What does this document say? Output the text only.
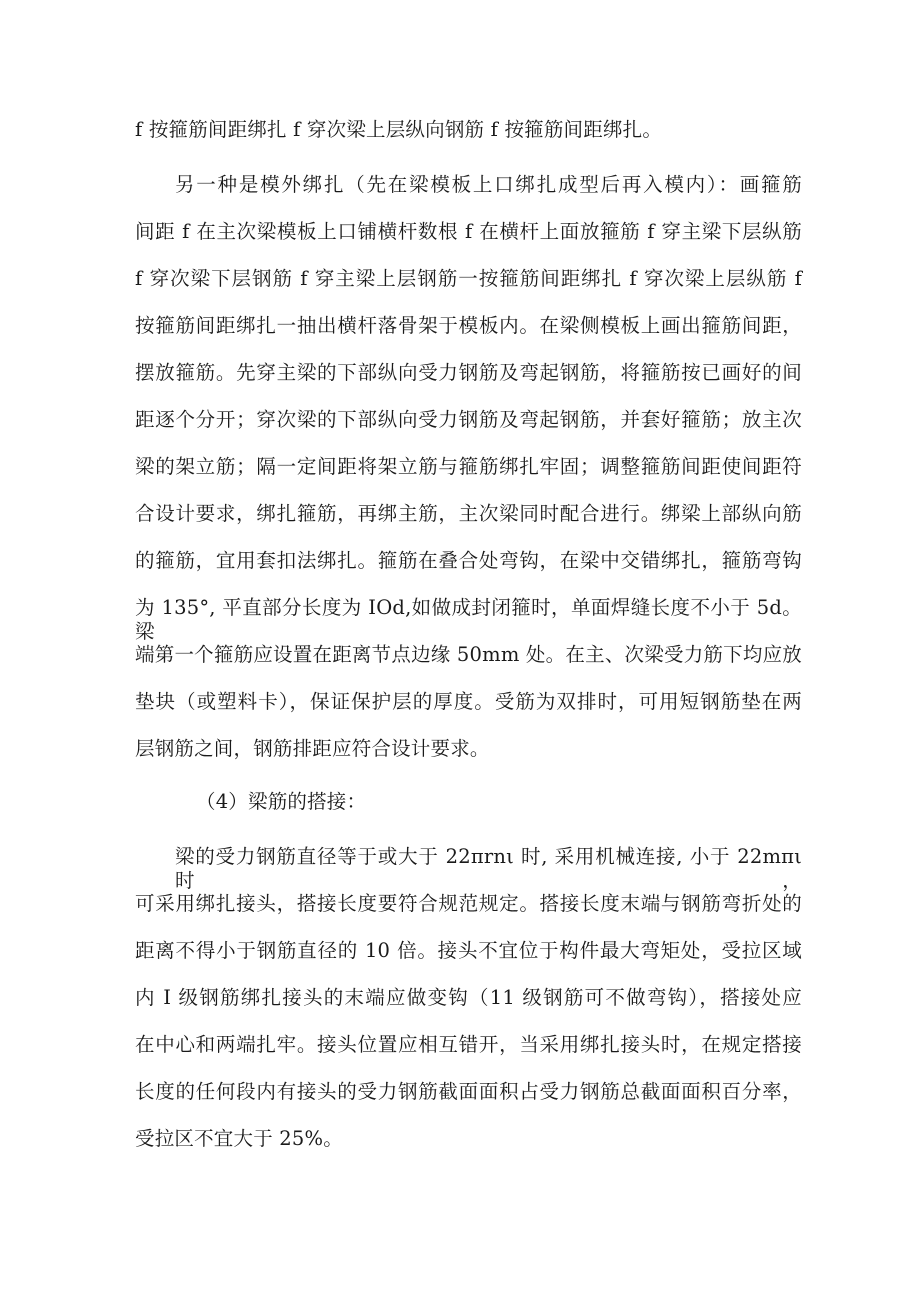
f 按箍筋间距绑扎 f 穿次梁上层纵向钢筋 f 按箍筋间距绑扎。
另一种是模外绑扎（先在梁模板上口绑扎成型后再入模内）：画箍筋
间距 f 在主次梁模板上口铺横杆数根 f 在横杆上面放箍筋 f 穿主梁下层纵筋
f 穿次梁下层钢筋 f 穿主梁上层钢筋一按箍筋间距绑扎 f 穿次梁上层纵筋 f
按箍筋间距绑扎一抽出横杆落骨架于模板内。在梁侧模板上画出箍筋间距，
摆放箍筋。先穿主梁的下部纵向受力钢筋及弯起钢筋，将箍筋按已画好的间
距逐个分开；穿次梁的下部纵向受力钢筋及弯起钢筋，并套好箍筋；放主次
梁的架立筋；隔一定间距将架立筋与箍筋绑扎牢固；调整箍筋间距使间距符
合设计要求，绑扎箍筋，再绑主筋，主次梁同时配合进行。绑梁上部纵向筋
的箍筋，宜用套扣法绑扎。箍筋在叠合处弯钩，在梁中交错绑扎，箍筋弯钩
为 135°, 平直部分长度为 IOd,如做成封闭箍时，单面焊缝长度不小于 5d。梁
端第一个箍筋应设置在距离节点边缘 50mm 处。在主、次梁受力筋下均应放
垫块（或塑料卡），保证保护层的厚度。受筋为双排时，可用短钢筋垫在两
层钢筋之间，钢筋排距应符合设计要求。
（4）梁筋的搭接：
梁的受力钢筋直径等于或大于 22πrnι 时, 采用机械连接, 小于 22mπι 时，
可采用绑扎接头，搭接长度要符合规范规定。搭接长度末端与钢筋弯折处的
距离不得小于钢筋直径的 10 倍。接头不宜位于构件最大弯矩处，受拉区域
内 I 级钢筋绑扎接头的末端应做变钩（11 级钢筋可不做弯钩），搭接处应
在中心和两端扎牢。接头位置应相互错开，当采用绑扎接头时，在规定搭接
长度的任何段内有接头的受力钢筋截面面积占受力钢筋总截面面积百分率，
受拉区不宜大于 25%。
